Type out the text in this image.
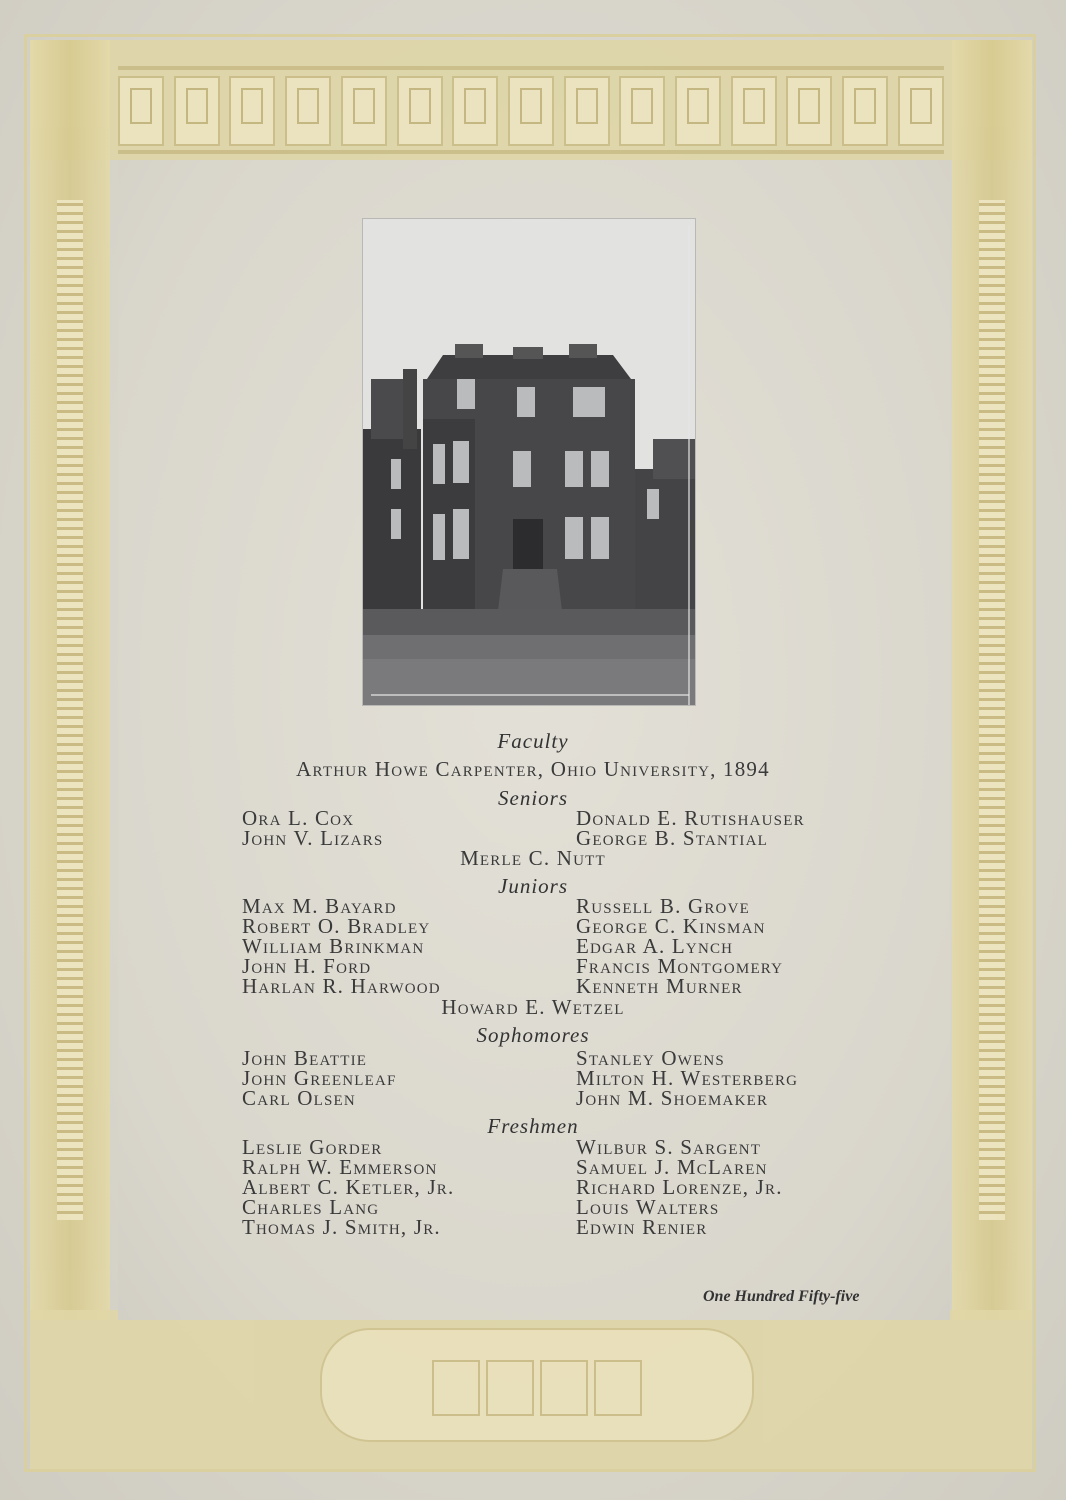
Faculty
Arthur Howe Carpenter, Ohio University, 1894
Seniors
Ora L. Cox
John V. Lizars
Donald E. Rutishauser
George B. Stantial
Merle C. Nutt
Juniors
Max M. Bayard
Robert O. Bradley
William Brinkman
John H. Ford
Harlan R. Harwood
Russell B. Grove
George C. Kinsman
Edgar A. Lynch
Francis Montgomery
Kenneth Murner
Howard E. Wetzel
Sophomores
John Beattie
John Greenleaf
Carl Olsen
Stanley Owens
Milton H. Westerberg
John M. Shoemaker
Freshmen
Leslie Gorder
Ralph W. Emmerson
Albert C. Ketler, Jr.
Charles Lang
Thomas J. Smith, Jr.
Wilbur S. Sargent
Samuel J. McLaren
Richard Lorenze, Jr.
Louis Walters
Edwin Renier
One Hundred Fifty-five
